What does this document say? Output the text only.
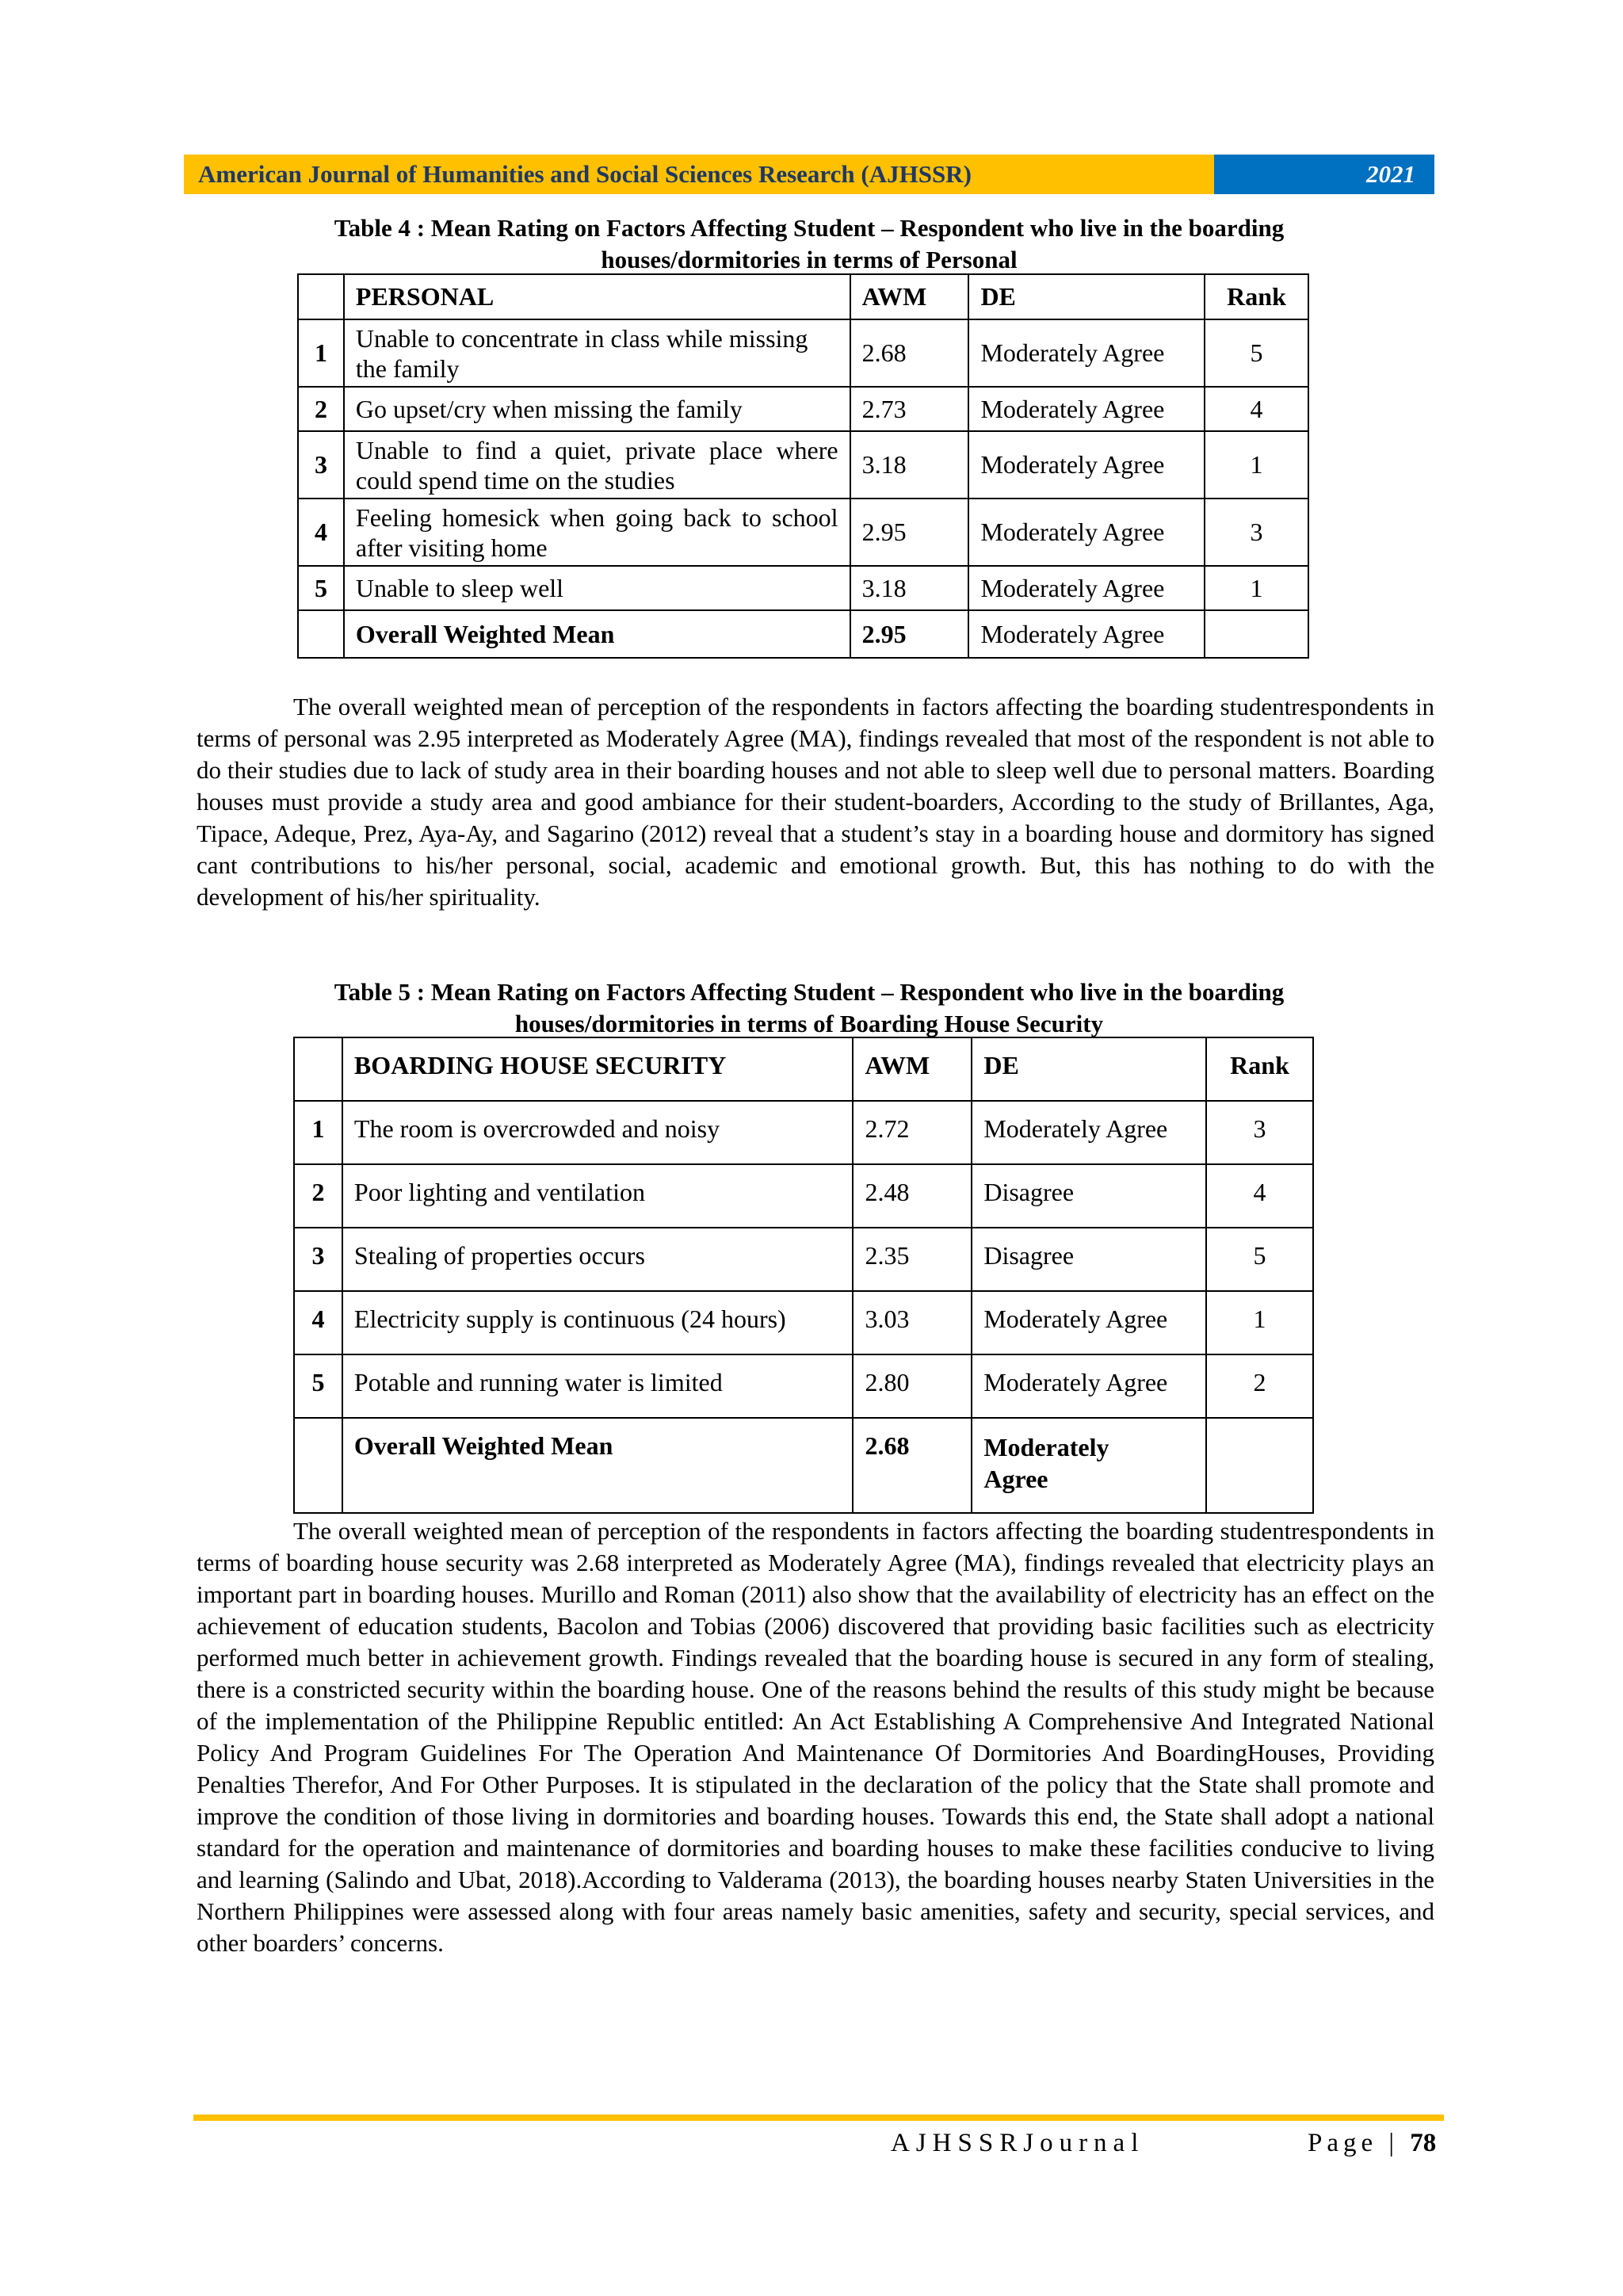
American Journal of Humanities and Social Sciences Research (AJHSSR)	2021
Table 4 : Mean Rating on Factors Affecting Student – Respondent who live in the boarding
houses/dormitories in terms of Personal
	PERSONAL	AWM	DE	Rank
1	Unable to concentrate in class while missing the family	2.68	Moderately Agree	5
2	Go upset/cry when missing the family	2.73	Moderately Agree	4
3	Unable to find a quiet, private place where could spend time on the studies	3.18	Moderately Agree	1
4	Feeling homesick when going back to school after visiting home	2.95	Moderately Agree	3
5	Unable to sleep well	3.18	Moderately Agree	1
	Overall Weighted Mean	2.95	Moderately Agree	
The overall weighted mean of perception of the respondents in factors affecting the boarding studentrespondents in terms of personal was 2.95 interpreted as Moderately Agree (MA), findings revealed that most of the respondent is not able to do their studies due to lack of study area in their boarding houses and not able to sleep well due to personal matters. Boarding houses must provide a study area and good ambiance for their student-boarders, According to the study of Brillantes, Aga, Tipace, Adeque, Prez, Aya-Ay, and Sagarino (2012) reveal that a student’s stay in a boarding house and dormitory has signed cant contributions to his/her personal, social, academic and emotional growth. But, this has nothing to do with the development of his/her spirituality.
Table 5 : Mean Rating on Factors Affecting Student – Respondent who live in the boarding
houses/dormitories in terms of Boarding House Security
	BOARDING HOUSE SECURITY	AWM	DE	Rank
1	The room is overcrowded and noisy	2.72	Moderately Agree	3
2	Poor lighting and ventilation	2.48	Disagree	4
3	Stealing of properties occurs	2.35	Disagree	5
4	Electricity supply is continuous (24 hours)	3.03	Moderately Agree	1
5	Potable and running water is limited	2.80	Moderately Agree	2
	Overall Weighted Mean	2.68	Moderately Agree	
The overall weighted mean of perception of the respondents in factors affecting the boarding studentrespondents in terms of boarding house security was 2.68 interpreted as Moderately Agree (MA), findings revealed that electricity plays an important part in boarding houses. Murillo and Roman (2011) also show that the availability of electricity has an effect on the achievement of education students, Bacolon and Tobias (2006) discovered that providing basic facilities such as electricity performed much better in achievement growth. Findings revealed that the boarding house is secured in any form of stealing, there is a constricted security within the boarding house. One of the reasons behind the results of this study might be because of the implementation of the Philippine Republic entitled: An Act Establishing A Comprehensive And Integrated National Policy And Program Guidelines For The Operation And Maintenance Of Dormitories And BoardingHouses, Providing Penalties Therefor, And For Other Purposes. It is stipulated in the declaration of the policy that the State shall promote and improve the condition of those living in dormitories and boarding houses. Towards this end, the State shall adopt a national standard for the operation and maintenance of dormitories and boarding houses to make these facilities conducive to living and learning (Salindo and Ubat, 2018).According to Valderama (2013), the boarding houses nearby Staten Universities in the Northern Philippines were assessed along with four areas namely basic amenities, safety and security, special services, and other boarders’ concerns.
AJHSSRJournal	Page | 78
